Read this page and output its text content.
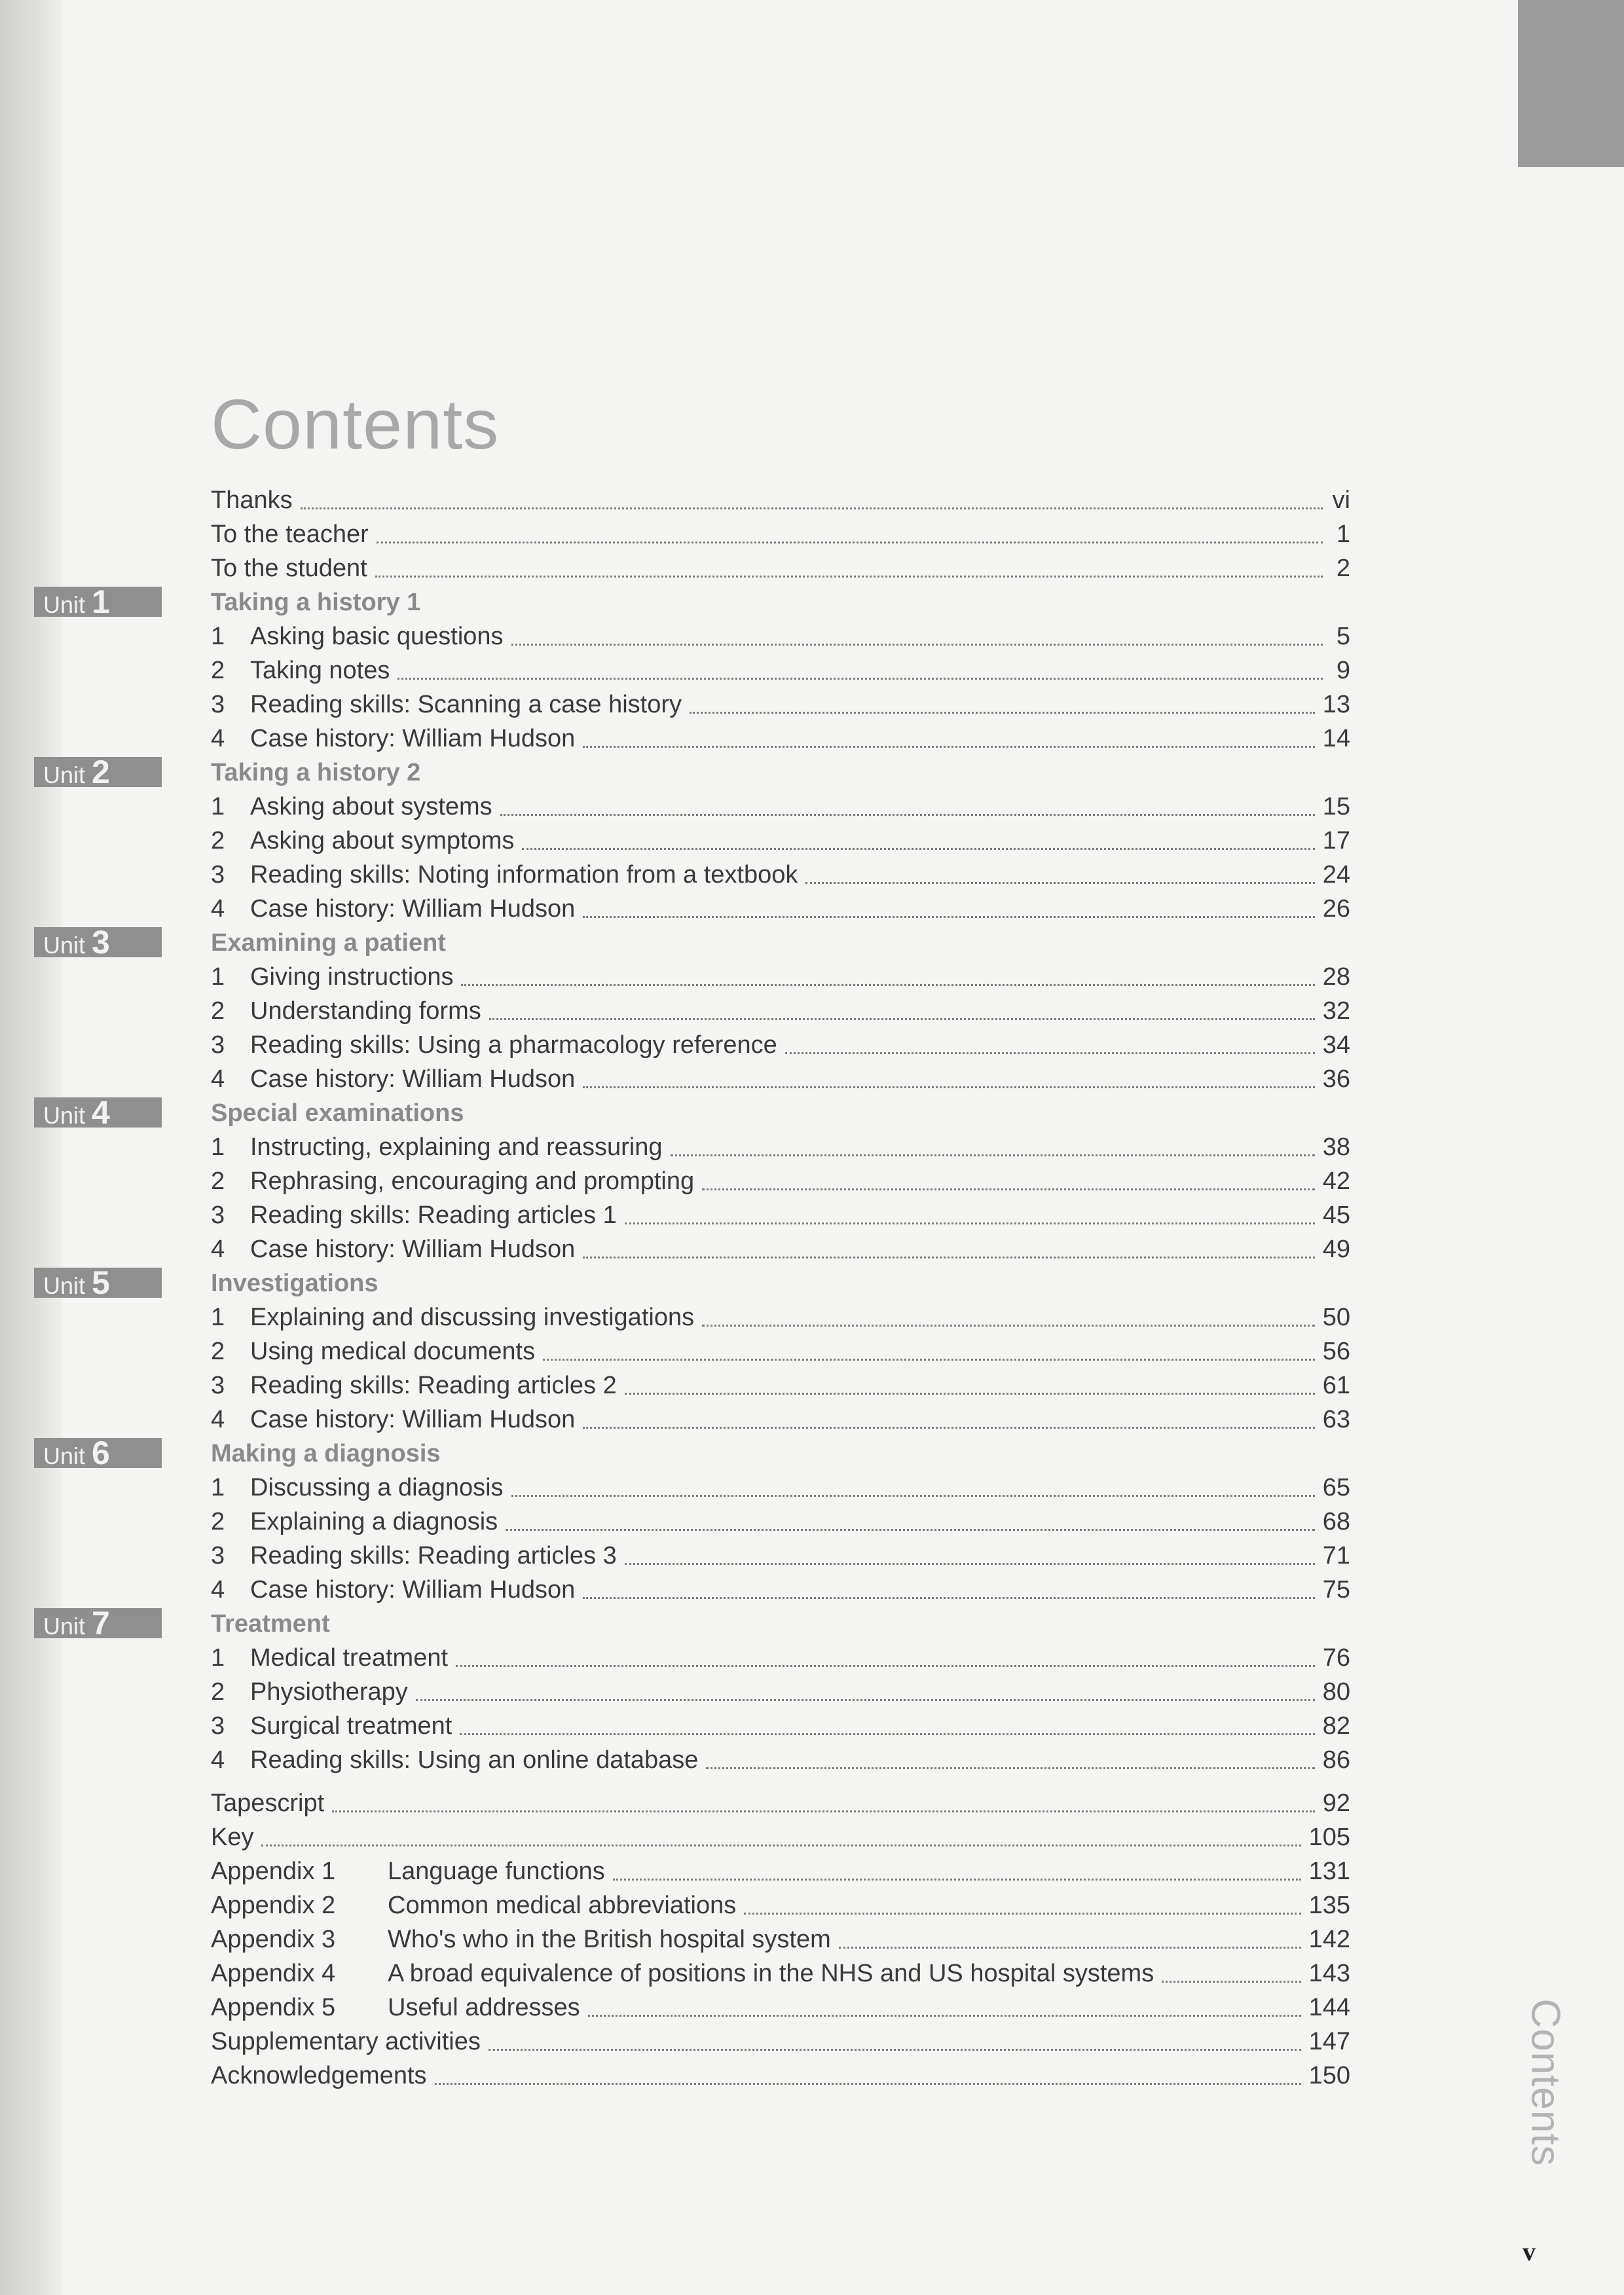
Contents
Contents
Thanks	vi
To the teacher	1
To the student	2
Unit 1	Taking a history 1
1	Asking basic questions	5
2	Taking notes	9
3	Reading skills: Scanning a case history	13
4	Case history: William Hudson	14
Unit 2	Taking a history 2
1	Asking about systems	15
2	Asking about symptoms	17
3	Reading skills: Noting information from a textbook	24
4	Case history: William Hudson	26
Unit 3	Examining a patient
1	Giving instructions	28
2	Understanding forms	32
3	Reading skills: Using a pharmacology reference	34
4	Case history: William Hudson	36
Unit 4	Special examinations
1	Instructing, explaining and reassuring	38
2	Rephrasing, encouraging and prompting	42
3	Reading skills: Reading articles 1	45
4	Case history: William Hudson	49
Unit 5	Investigations
1	Explaining and discussing investigations	50
2	Using medical documents	56
3	Reading skills: Reading articles 2	61
4	Case history: William Hudson	63
Unit 6	Making a diagnosis
1	Discussing a diagnosis	65
2	Explaining a diagnosis	68
3	Reading skills: Reading articles 3	71
4	Case history: William Hudson	75
Unit 7	Treatment
1	Medical treatment	76
2	Physiotherapy	80
3	Surgical treatment	82
4	Reading skills: Using an online database	86
Tapescript	92
Key	105
Appendix 1	Language functions	131
Appendix 2	Common medical abbreviations	135
Appendix 3	Who's who in the British hospital system	142
Appendix 4	A broad equivalence of positions in the NHS and US hospital systems	143
Appendix 5	Useful addresses	144
Supplementary activities	147
Acknowledgements	150
v
